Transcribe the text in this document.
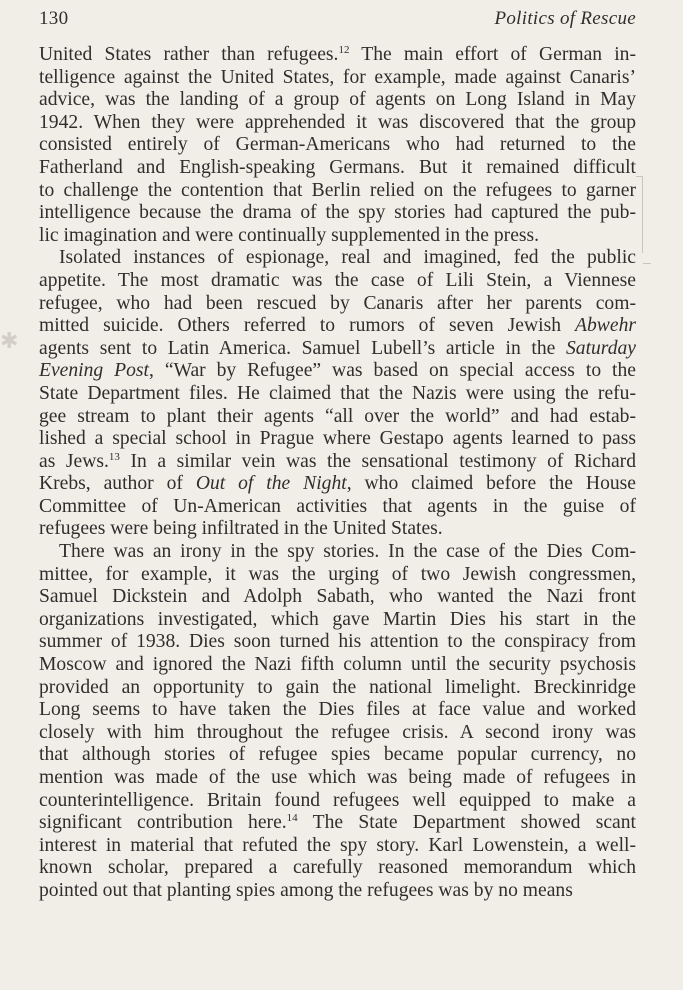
130	Politics of Rescue
United States rather than refugees.$^{12}$ The main effort of German in-
telligence against the United States, for example, made against Canaris’
advice, was the landing of a group of agents on Long Island in May
1942. When they were apprehended it was discovered that the group
consisted entirely of German-Americans who had returned to the
Fatherland and English-speaking Germans. But it remained difficult
to challenge the contention that Berlin relied on the refugees to garner
intelligence because the drama of the spy stories had captured the pub-
lic imagination and were continually supplemented in the press.
Isolated instances of espionage, real and imagined, fed the public
appetite. The most dramatic was the case of Lili Stein, a Viennese
refugee, who had been rescued by Canaris after her parents com-
mitted suicide. Others referred to rumors of seven Jewish Abwehr
agents sent to Latin America. Samuel Lubell’s article in the Saturday
Evening Post, “War by Refugee” was based on special access to the
State Department files. He claimed that the Nazis were using the refu-
gee stream to plant their agents “all over the world” and had estab-
lished a special school in Prague where Gestapo agents learned to pass
as Jews.$^{13}$ In a similar vein was the sensational testimony of Richard
Krebs, author of Out of the Night, who claimed before the House
Committee of Un-American activities that agents in the guise of
refugees were being infiltrated in the United States.
There was an irony in the spy stories. In the case of the Dies Com-
mittee, for example, it was the urging of two Jewish congressmen,
Samuel Dickstein and Adolph Sabath, who wanted the Nazi front
organizations investigated, which gave Martin Dies his start in the
summer of 1938. Dies soon turned his attention to the conspiracy from
Moscow and ignored the Nazi fifth column until the security psychosis
provided an opportunity to gain the national limelight. Breckinridge
Long seems to have taken the Dies files at face value and worked
closely with him throughout the refugee crisis. A second irony was
that although stories of refugee spies became popular currency, no
mention was made of the use which was being made of refugees in
counterintelligence. Britain found refugees well equipped to make a
significant contribution here.$^{14}$ The State Department showed scant
interest in material that refuted the spy story. Karl Lowenstein, a well-
known scholar, prepared a carefully reasoned memorandum which
pointed out that planting spies among the refugees was by no means
✱
